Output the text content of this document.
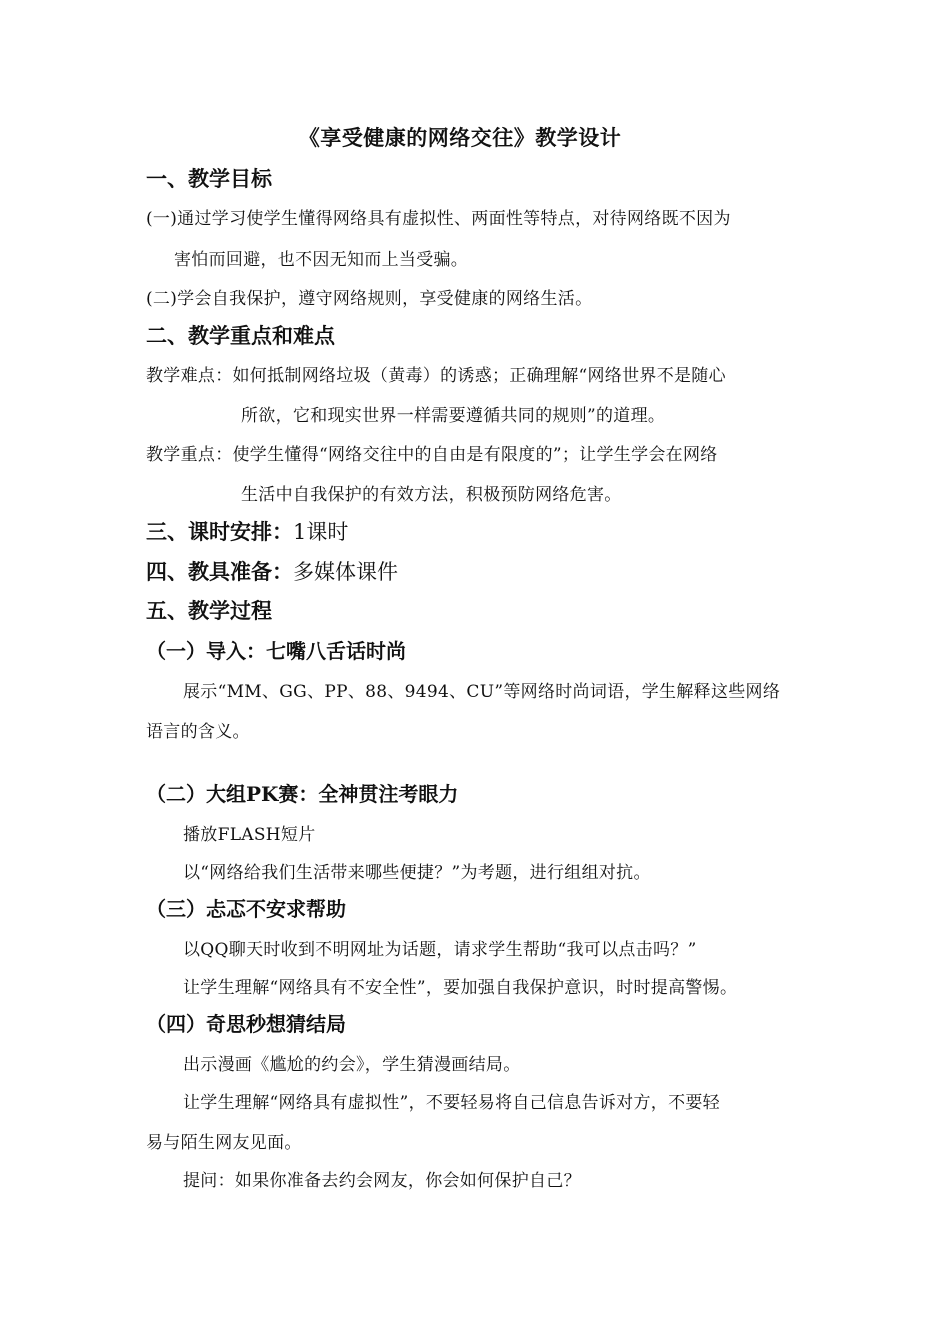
《享受健康的网络交往》教学设计
一、教学目标
(一)通过学习使学生懂得网络具有虚拟性、两面性等特点，对待网络既不因为
害怕而回避，也不因无知而上当受骗。
(二)学会自我保护，遵守网络规则，享受健康的网络生活。
二、教学重点和难点
教学难点：如何抵制网络垃圾（黄毒）的诱惑；正确理解“网络世界不是随心
所欲，它和现实世界一样需要遵循共同的规则”的道理。
教学重点：使学生懂得“网络交往中的自由是有限度的”；让学生学会在网络
生活中自我保护的有效方法，积极预防网络危害。
三、课时安排：1课时
四、教具准备：多媒体课件
五、教学过程
（一）导入：七嘴八舌话时尚
展示“MM、GG、PP、88、9494、CU”等网络时尚词语，学生解释这些网络
语言的含义。
（二）大组PK赛：全神贯注考眼力
播放FLASH短片
以“网络给我们生活带来哪些便捷？”为考题，进行组组对抗。
（三）忐忑不安求帮助
以QQ聊天时收到不明网址为话题，请求学生帮助“我可以点击吗？”
让学生理解“网络具有不安全性”，要加强自我保护意识，时时提高警惕。
（四）奇思秒想猜结局
出示漫画《尴尬的约会》，学生猜漫画结局。
让学生理解“网络具有虚拟性”，不要轻易将自己信息告诉对方，不要轻
易与陌生网友见面。
提问：如果你准备去约会网友，你会如何保护自己？
